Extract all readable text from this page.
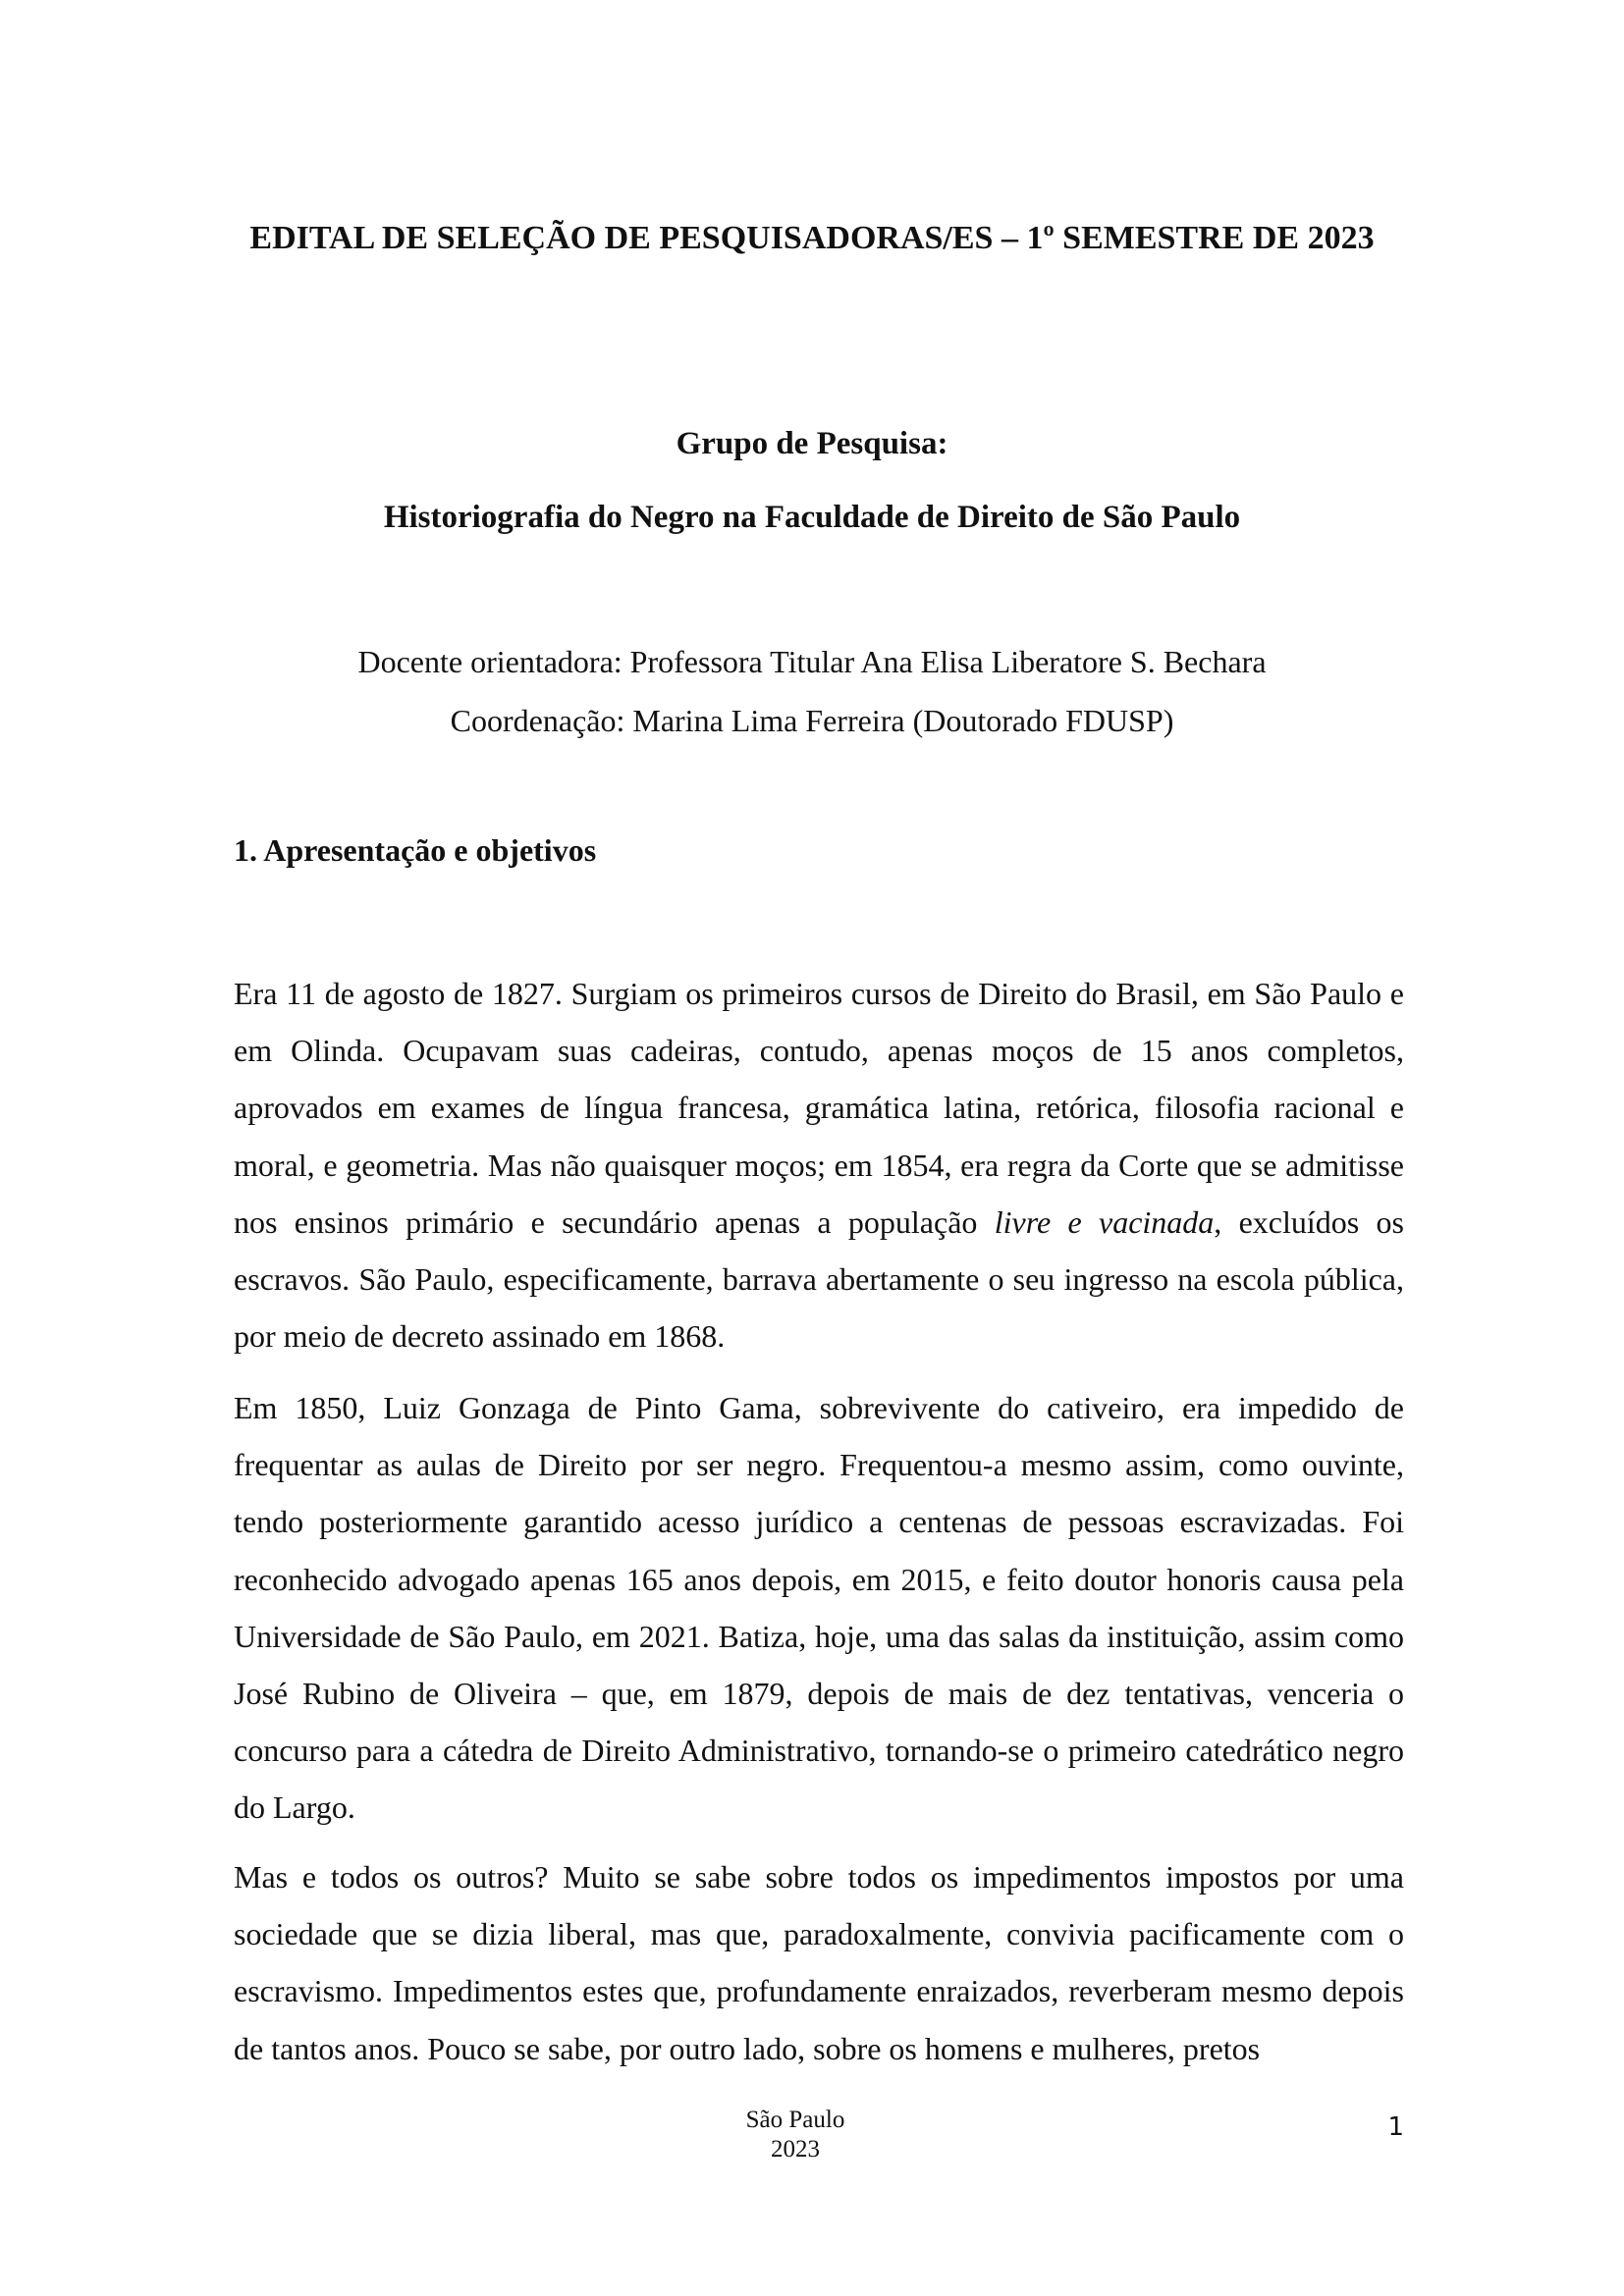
EDITAL DE SELEÇÃO DE PESQUISADORAS/ES – 1º SEMESTRE DE 2023

Grupo de Pesquisa:

Historiografia do Negro na Faculdade de Direito de São Paulo

Docente orientadora: Professora Titular Ana Elisa Liberatore S. Bechara

Coordenação: Marina Lima Ferreira (Doutorado FDUSP)

1. Apresentação e objetivos

Era 11 de agosto de 1827. Surgiam os primeiros cursos de Direito do Brasil, em São Paulo e em Olinda. Ocupavam suas cadeiras, contudo, apenas moços de 15 anos completos, aprovados em exames de língua francesa, gramática latina, retórica, filosofia racional e moral, e geometria. Mas não quaisquer moços; em 1854, era regra da Corte que se admitisse nos ensinos primário e secundário apenas a população livre e vacinada, excluídos os escravos. São Paulo, especificamente, barrava abertamente o seu ingresso na escola pública, por meio de decreto assinado em 1868.

Em 1850, Luiz Gonzaga de Pinto Gama, sobrevivente do cativeiro, era impedido de frequentar as aulas de Direito por ser negro. Frequentou-a mesmo assim, como ouvinte, tendo posteriormente garantido acesso jurídico a centenas de pessoas escravizadas. Foi reconhecido advogado apenas 165 anos depois, em 2015, e feito doutor honoris causa pela Universidade de São Paulo, em 2021. Batiza, hoje, uma das salas da instituição, assim como José Rubino de Oliveira – que, em 1879, depois de mais de dez tentativas, venceria o concurso para a cátedra de Direito Administrativo, tornando-se o primeiro catedrático negro do Largo.

Mas e todos os outros? Muito se sabe sobre todos os impedimentos impostos por uma sociedade que se dizia liberal, mas que, paradoxalmente, convivia pacificamente com o escravismo. Impedimentos estes que, profundamente enraizados, reverberam mesmo depois de tantos anos. Pouco se sabe, por outro lado, sobre os homens e mulheres, pretos

São Paulo

2023

1
